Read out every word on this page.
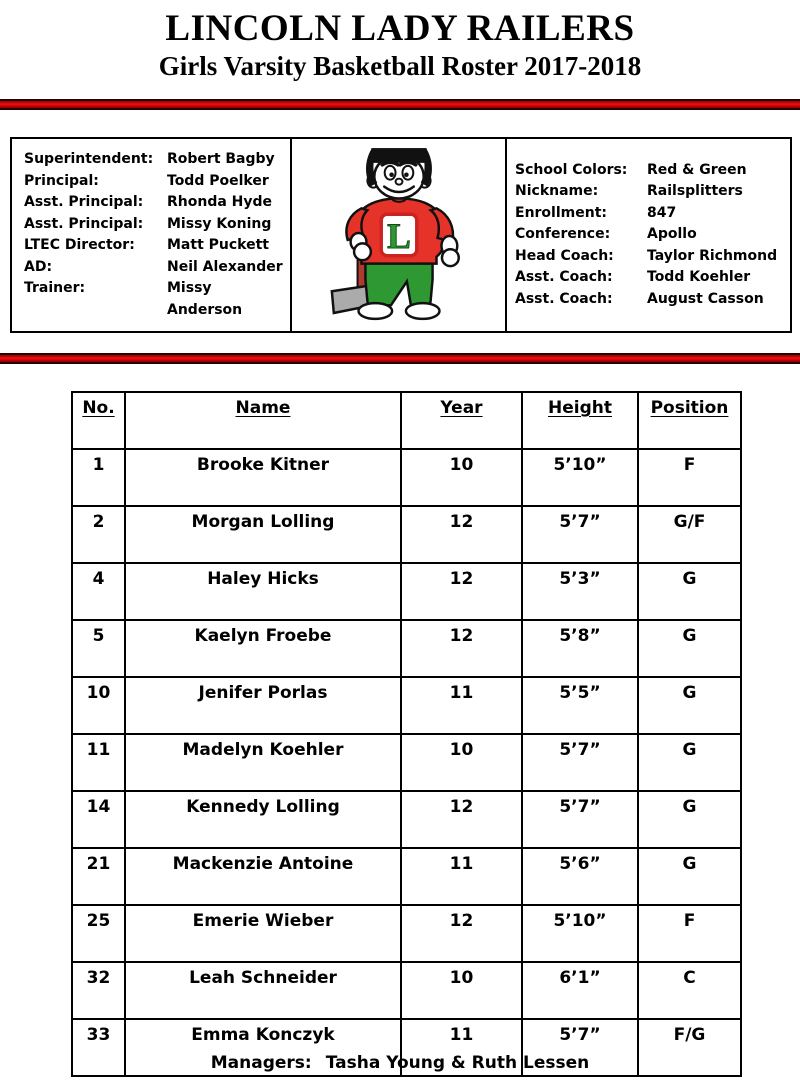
LINCOLN LADY RAILERS
Girls Varsity Basketball Roster 2017-2018
Superintendent: Robert Bagby
Principal:	Todd Poelker
Asst. Principal:	Rhonda Hyde
Asst. Principal:	Missy Koning
LTEC Director:	Matt Puckett
AD:	Neil Alexander
Trainer:	Missy Anderson

L

School Colors:	Red & Green
Nickname:	Railsplitters
Enrollment:	847
Conference:	Apollo
Head Coach:	Taylor Richmond
Asst. Coach:	Todd Koehler
Asst. Coach:	August Casson
No.	Name	Year	Height	Position
1	Brooke Kitner	10	5’10”	F
2	Morgan Lolling	12	5’7”	G/F
4	Haley Hicks	12	5’3”	G
5	Kaelyn Froebe	12	5’8”	G
10	Jenifer Porlas	11	5’5”	G
11	Madelyn Koehler	10	5’7”	G
14	Kennedy Lolling	12	5’7”	G
21	Mackenzie Antoine	11	5’6”	G
25	Emerie Wieber	12	5’10”	F
32	Leah Schneider	10	6’1”	C
33	Emma Konczyk	11	5’7”	F/G
Managers: Tasha Young & Ruth Lessen
